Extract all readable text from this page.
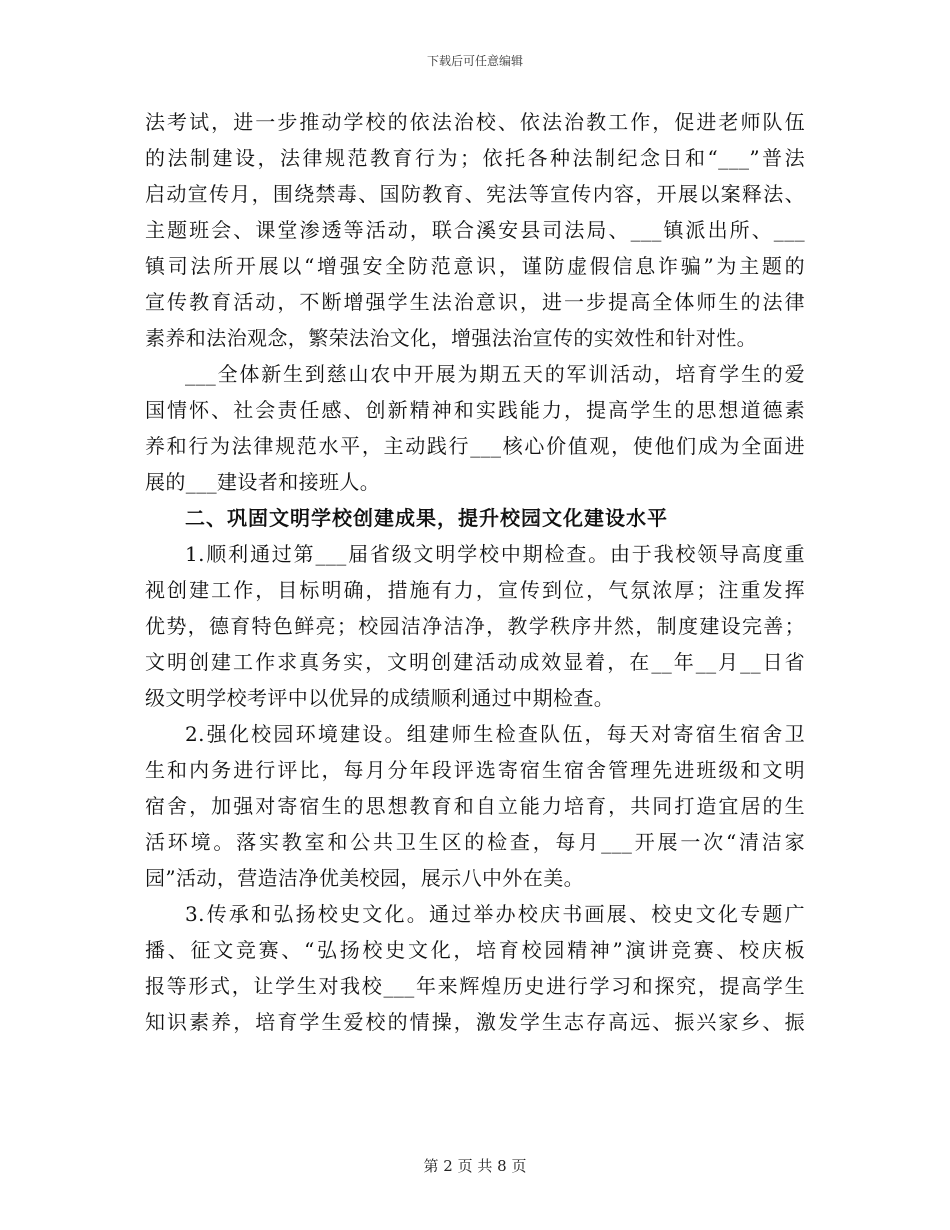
下载后可任意编辑
法考试，进一步推动学校的依法治校、依法治教工作，促进老师队伍
的法制建设，法律规范教育行为；依托各种法制纪念日和“___”普法
启动宣传月，围绕禁毒、国防教育、宪法等宣传内容，开展以案释法、
主题班会、课堂渗透等活动，联合溪安县司法局、___镇派出所、___
镇司法所开展以“增强安全防范意识，谨防虚假信息诈骗”为主题的
宣传教育活动，不断增强学生法治意识，进一步提高全体师生的法律
素养和法治观念，繁荣法治文化，增强法治宣传的实效性和针对性。
___全体新生到慈山农中开展为期五天的军训活动，培育学生的爱
国情怀、社会责任感、创新精神和实践能力，提高学生的思想道德素
养和行为法律规范水平，主动践行___核心价值观，使他们成为全面进
展的___建设者和接班人。
二、巩固文明学校创建成果，提升校园文化建设水平
1.顺利通过第___届省级文明学校中期检查。由于我校领导高度重
视创建工作，目标明确，措施有力，宣传到位，气氛浓厚；注重发挥
优势，德育特色鲜亮；校园洁净洁净，教学秩序井然，制度建设完善；
文明创建工作求真务实，文明创建活动成效显着，在__年__月__日省
级文明学校考评中以优异的成绩顺利通过中期检查。
2.强化校园环境建设。组建师生检查队伍，每天对寄宿生宿舍卫
生和内务进行评比，每月分年段评选寄宿生宿舍管理先进班级和文明
宿舍，加强对寄宿生的思想教育和自立能力培育，共同打造宜居的生
活环境。落实教室和公共卫生区的检查，每月___开展一次“清洁家
园”活动，营造洁净优美校园，展示八中外在美。
3.传承和弘扬校史文化。通过举办校庆书画展、校史文化专题广
播、征文竞赛、“弘扬校史文化，培育校园精神”演讲竞赛、校庆板
报等形式，让学生对我校___年来辉煌历史进行学习和探究，提高学生
知识素养，培育学生爱校的情操，激发学生志存高远、振兴家乡、振
第 2 页 共 8 页
